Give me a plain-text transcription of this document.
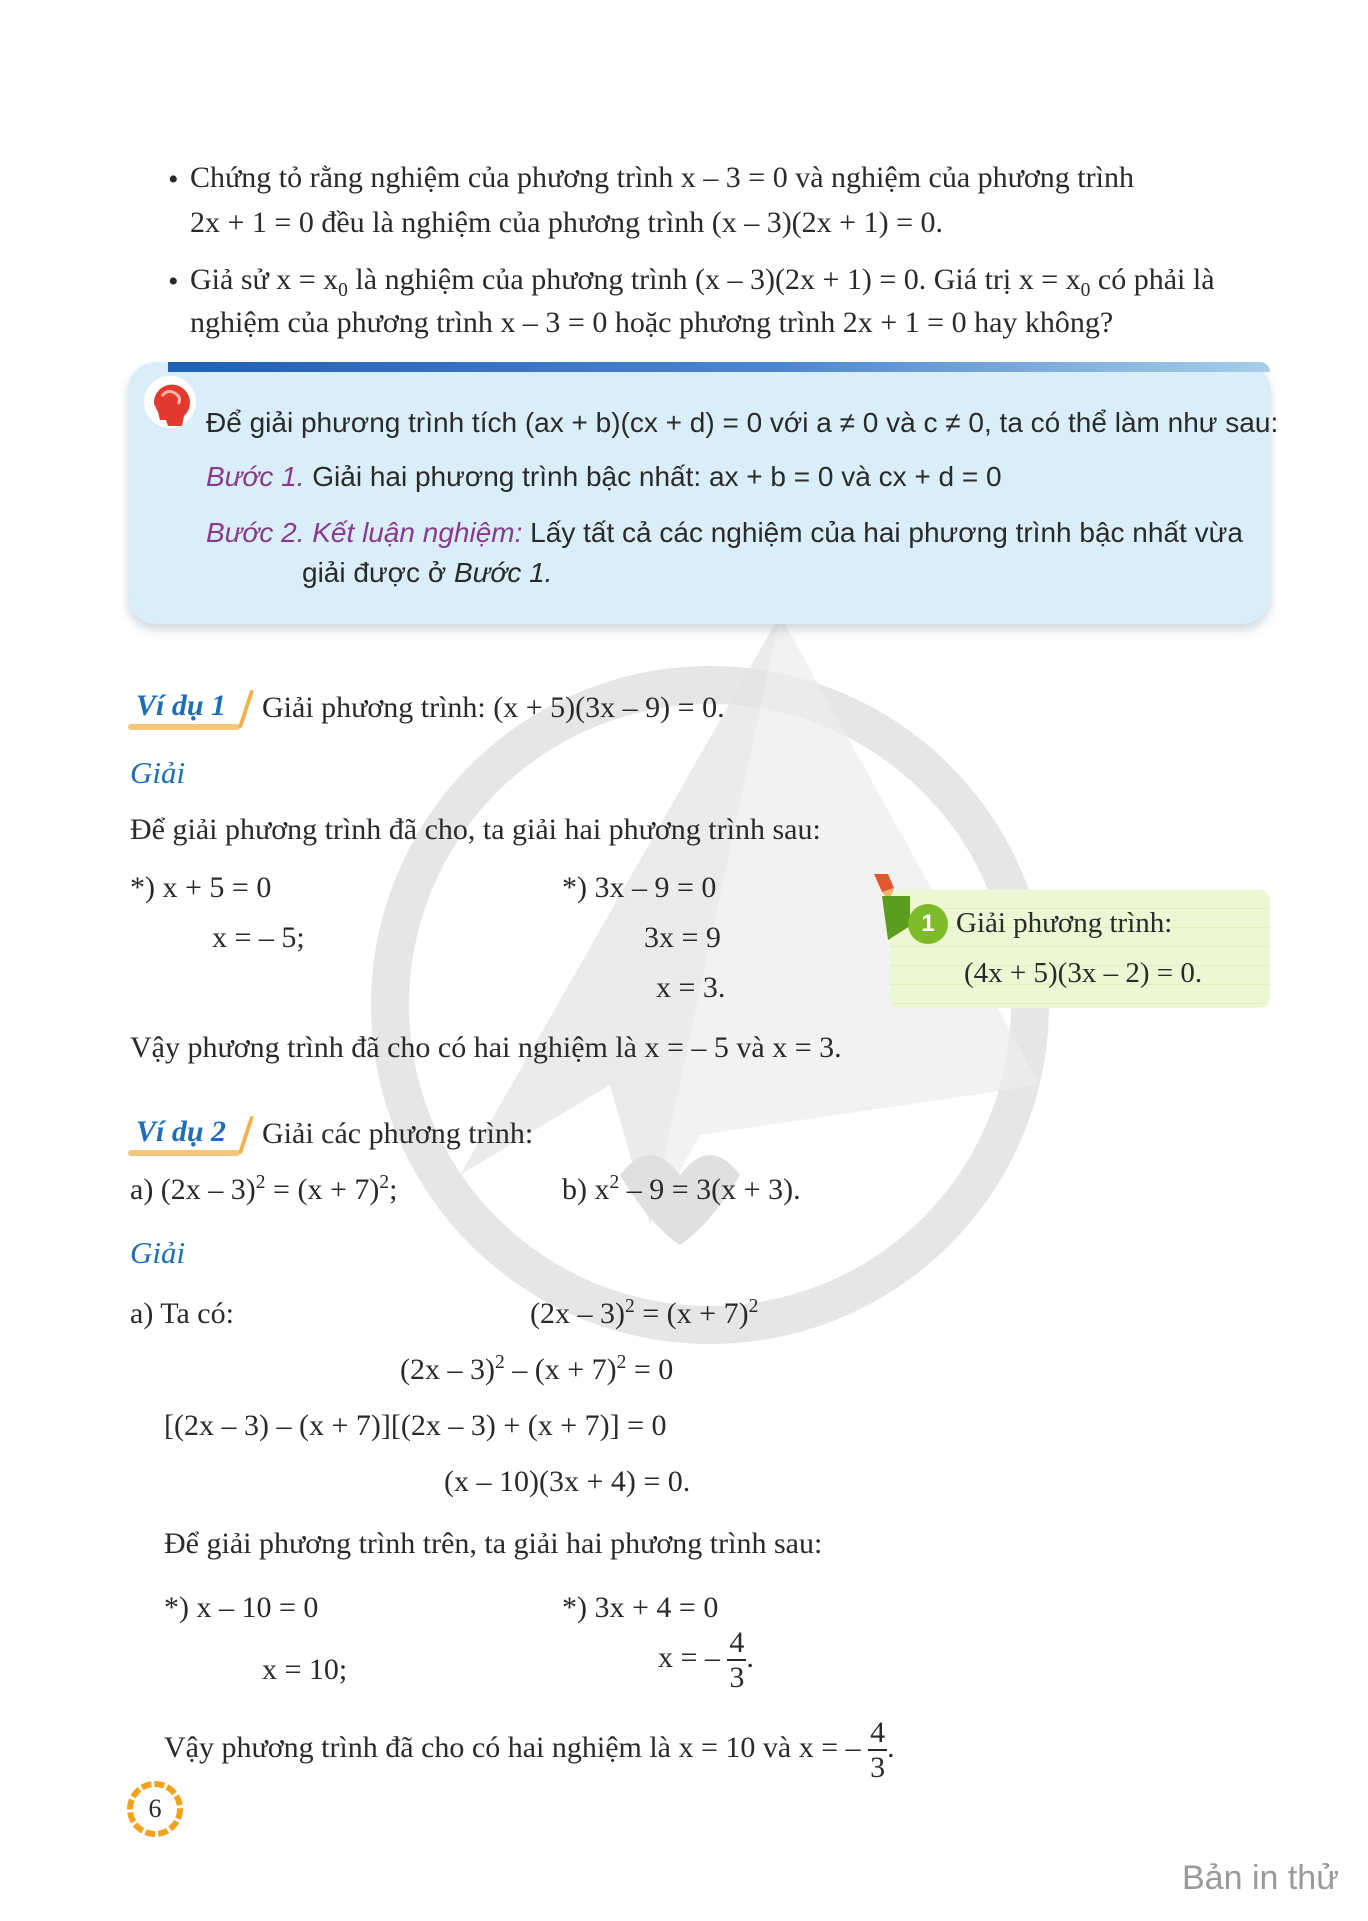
• Chứng tỏ rằng nghiệm của phương trình x – 3 = 0 và nghiệm của phương trình
2x + 1 = 0 đều là nghiệm của phương trình (x – 3)(2x + 1) = 0.
• Giả sử $x = x_0$ là nghiệm của phương trình (x – 3)(2x + 1) = 0. Giá trị $x = x_0$ có phải là
nghiệm của phương trình x – 3 = 0 hoặc phương trình 2x + 1 = 0 hay không?
Để giải phương trình tích (ax + b)(cx + d) = 0 với a ≠ 0 và c ≠ 0, ta có thể làm như sau:
Bước 1. Giải hai phương trình bậc nhất: ax + b = 0 và cx + d = 0
Bước 2. Kết luận nghiệm: Lấy tất cả các nghiệm của hai phương trình bậc nhất vừa
giải được ở Bước 1.
Ví dụ 1 Giải phương trình: (x + 5)(3x – 9) = 0.
Giải
Để giải phương trình đã cho, ta giải hai phương trình sau:
*) x + 5 = 0
x = – 5;
*) 3x – 9 = 0
3x = 9
x = 3.
Vậy phương trình đã cho có hai nghiệm là x = – 5 và x = 3.
1 Giải phương trình:
(4x + 5)(3x – 2) = 0.
Ví dụ 2 Giải các phương trình:
a) $(2x - 3)^2 = (x + 7)^2$;	b) $x^2 - 9 = 3(x + 3)$.
Giải
a) Ta có:	$(2x - 3)^2 = (x + 7)^2$
$(2x - 3)^2 - (x + 7)^2 = 0$
[(2x – 3) – (x + 7)][(2x – 3) + (x + 7)] = 0
(x – 10)(3x + 4) = 0.
Để giải phương trình trên, ta giải hai phương trình sau:
*) x – 10 = 0
x = 10;
*) 3x + 4 = 0
x = – $\frac{4}{3}$ .
Vậy phương trình đã cho có hai nghiệm là x = 10 và x = – $\frac{4}{3}$ .
6
Bản in thử
